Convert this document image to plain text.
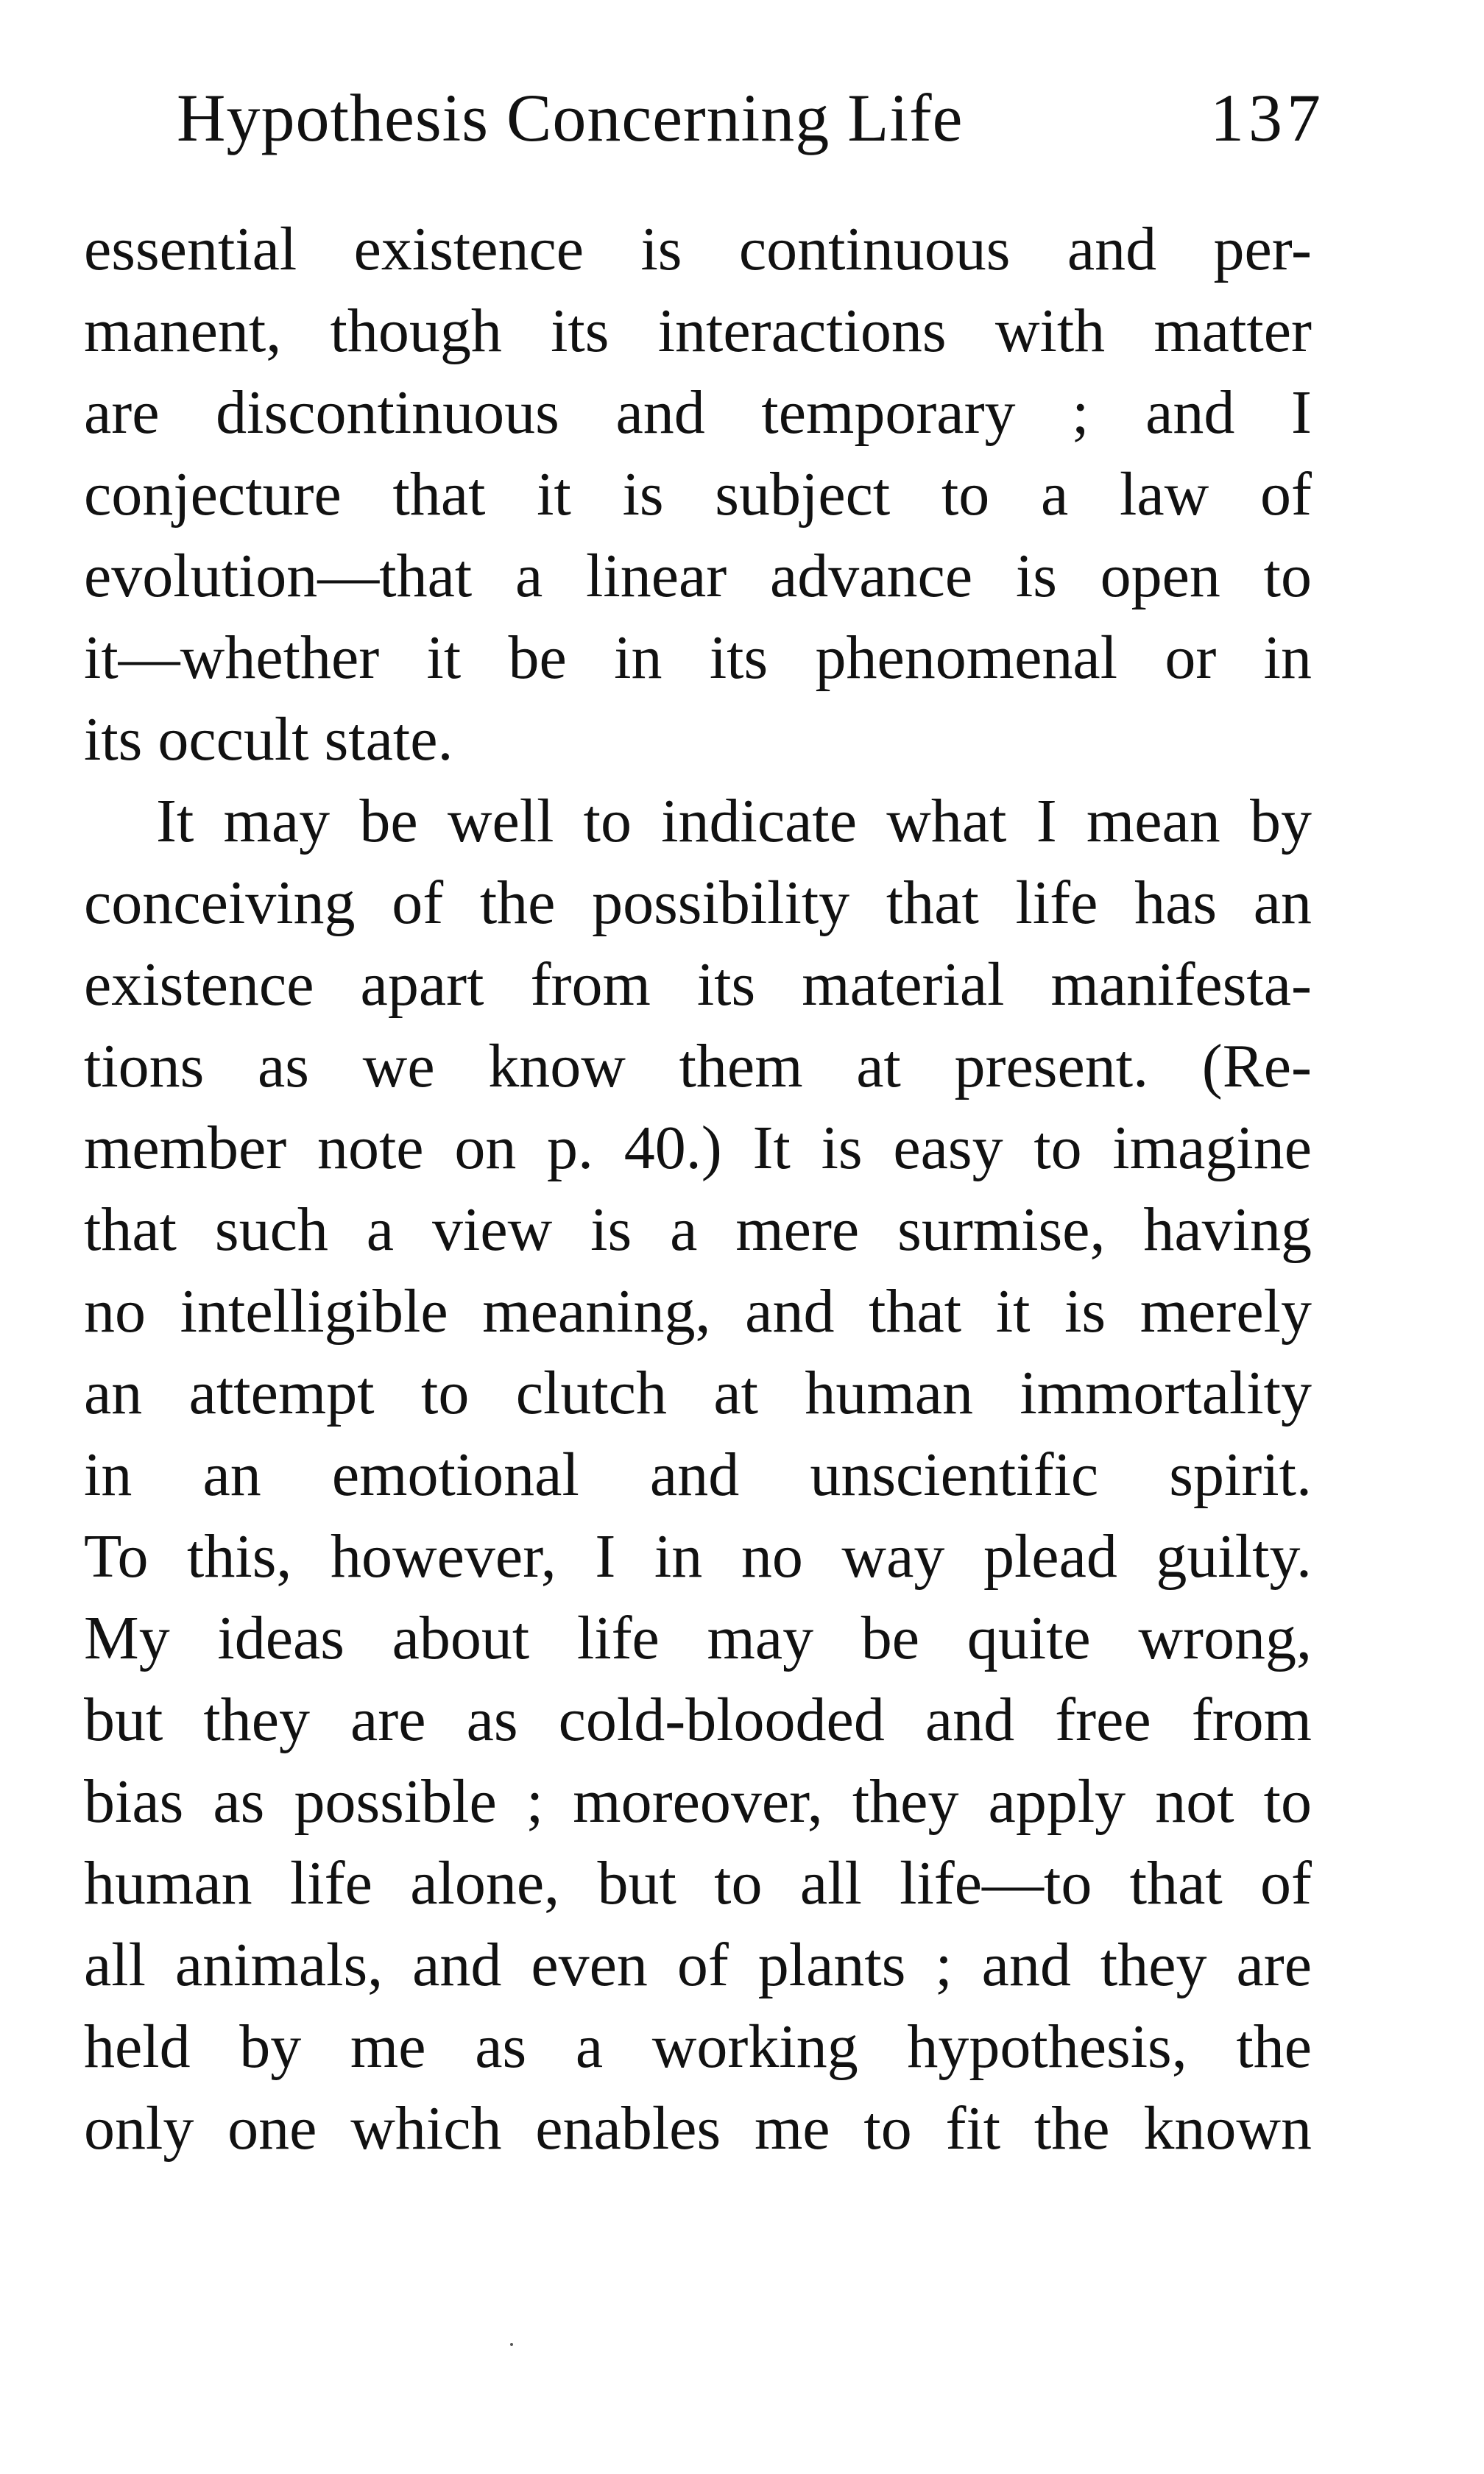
Hypothesis Concerning Life	137
essential existence is continuous and per-
manent, though its interactions with matter
are discontinuous and temporary ; and I
conjecture that it is subject to a law of
evolution—that a linear advance is open to
it—whether it be in its phenomenal or in
its occult state.
It may be well to indicate what I mean by
conceiving of the possibility that life has an
existence apart from its material manifesta-
tions as we know them at present. (Re-
member note on p. 40.) It is easy to imagine
that such a view is a mere surmise, having
no intelligible meaning, and that it is merely
an attempt to clutch at human immortality
in an emotional and unscientific spirit.
To this, however, I in no way plead guilty.
My ideas about life may be quite wrong,
but they are as cold-blooded and free from
bias as possible ; moreover, they apply not to
human life alone, but to all life—to that of
all animals, and even of plants ; and they are
held by me as a working hypothesis, the
only one which enables me to fit the known
